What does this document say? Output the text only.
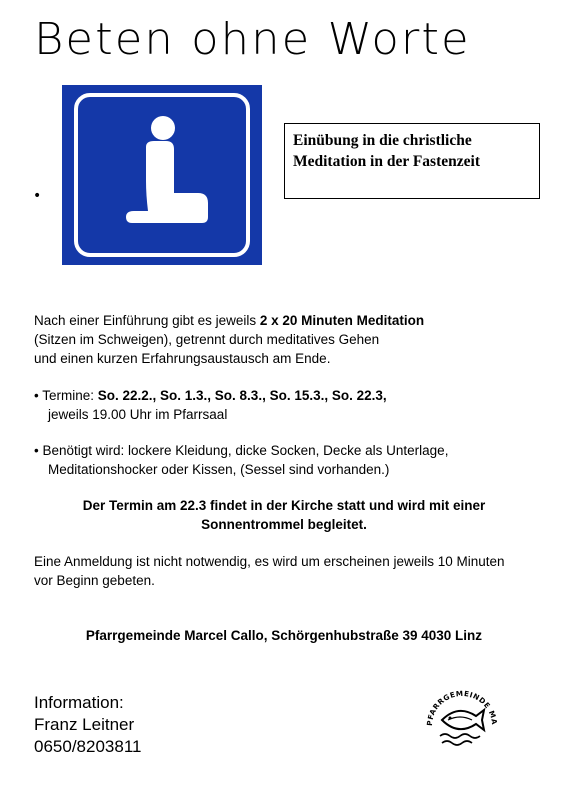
Beten ohne Worte
•
Einübung in die christliche
Meditation in der Fastenzeit
Nach einer Einführung gibt es jeweils 2 x 20 Minuten Meditation
(Sitzen im Schweigen), getrennt durch meditatives Gehen
und einen kurzen Erfahrungsaustausch am Ende.
• Termine: So. 22.2., So. 1.3., So. 8.3., So. 15.3., So. 22.3,
jeweils 19.00 Uhr im Pfarrsaal
• Benötigt wird: lockere Kleidung, dicke Socken, Decke als Unterlage,
Meditationshocker oder Kissen, (Sessel sind vorhanden.)
Der Termin am 22.3 findet in der Kirche statt und wird mit einer
Sonnentrommel begleitet.
Eine Anmeldung ist nicht notwendig, es wird um erscheinen jeweils 10 Minuten
vor Beginn gebeten.
Pfarrgemeinde Marcel Callo, Schörgenhubstraße 39 4030 Linz
Information:
Franz Leitner
0650/8203811
PFARRGEMEINDE MA
